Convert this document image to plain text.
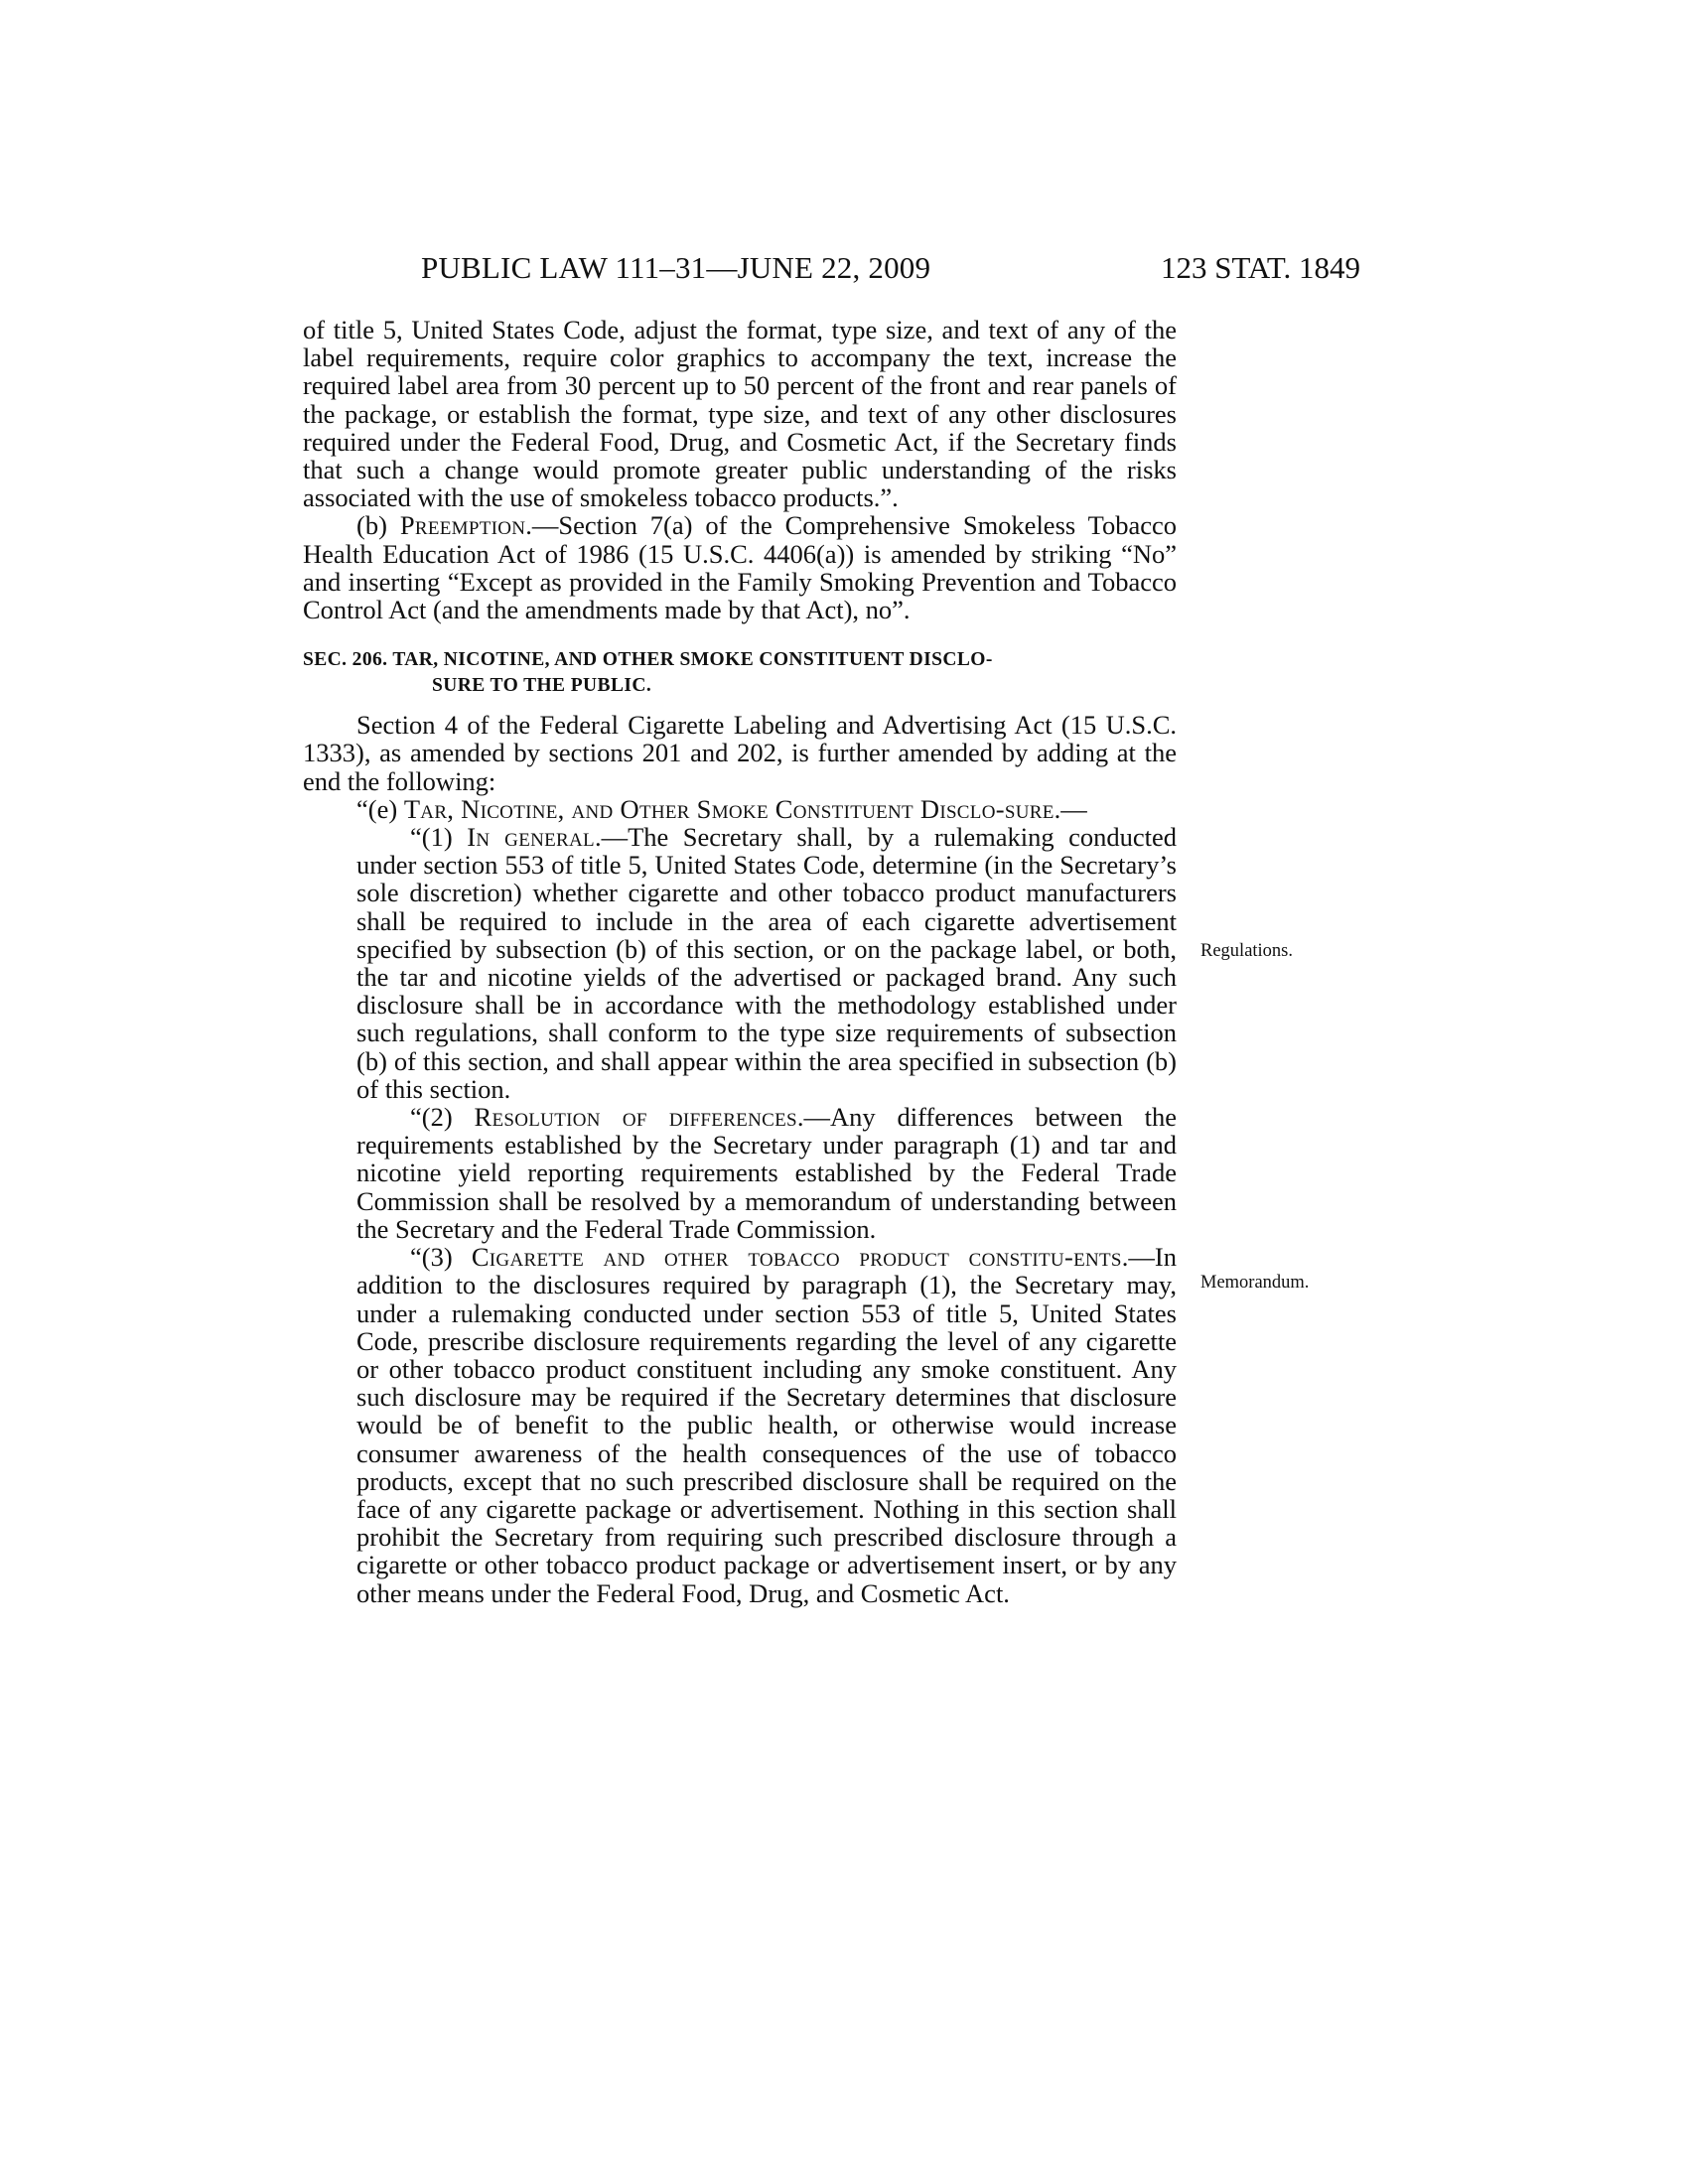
PUBLIC LAW 111–31—JUNE 22, 2009	123 STAT. 1849

of title 5, United States Code, adjust the format, type size, and text of any of the label requirements, require color graphics to accompany the text, increase the required label area from 30 percent up to 50 percent of the front and rear panels of the package, or establish the format, type size, and text of any other disclosures required under the Federal Food, Drug, and Cosmetic Act, if the Secretary finds that such a change would promote greater public understanding of the risks associated with the use of smokeless tobacco products.”.

(b) Preemption.—Section 7(a) of the Comprehensive Smokeless Tobacco Health Education Act of 1986 (15 U.S.C. 4406(a)) is amended by striking “No” and inserting “Except as provided in the Family Smoking Prevention and Tobacco Control Act (and the amendments made by that Act), no”.

SEC. 206. TAR, NICOTINE, AND OTHER SMOKE CONSTITUENT DISCLO-
SURE TO THE PUBLIC.

Section 4 of the Federal Cigarette Labeling and Advertising Act (15 U.S.C. 1333), as amended by sections 201 and 202, is further amended by adding at the end the following:

“(e) Tar, Nicotine, and Other Smoke Constituent Disclo-sure.—

“(1) In general.—The Secretary shall, by a rulemaking conducted under section 553 of title 5, United States Code, determine (in the Secretary’s sole discretion) whether cigarette and other tobacco product manufacturers shall be required to include in the area of each cigarette advertisement specified by subsection (b) of this section, or on the package label, or both, the tar and nicotine yields of the advertised or packaged brand. Any such disclosure shall be in accordance with the methodology established under such regulations, shall conform to the type size requirements of subsection (b) of this section, and shall appear within the area specified in subsection (b) of this section.

“(2) Resolution of differences.—Any differences between the requirements established by the Secretary under paragraph (1) and tar and nicotine yield reporting requirements established by the Federal Trade Commission shall be resolved by a memorandum of understanding between the Secretary and the Federal Trade Commission.

“(3) Cigarette and other tobacco product constitu-ents.—In addition to the disclosures required by paragraph (1), the Secretary may, under a rulemaking conducted under section 553 of title 5, United States Code, prescribe disclosure requirements regarding the level of any cigarette or other tobacco product constituent including any smoke constituent. Any such disclosure may be required if the Secretary determines that disclosure would be of benefit to the public health, or otherwise would increase consumer awareness of the health consequences of the use of tobacco products, except that no such prescribed disclosure shall be required on the face of any cigarette package or advertisement. Nothing in this section shall prohibit the Secretary from requiring such prescribed disclosure through a cigarette or other tobacco product package or advertisement insert, or by any other means under the Federal Food, Drug, and Cosmetic Act.

Regulations.
Memorandum.
